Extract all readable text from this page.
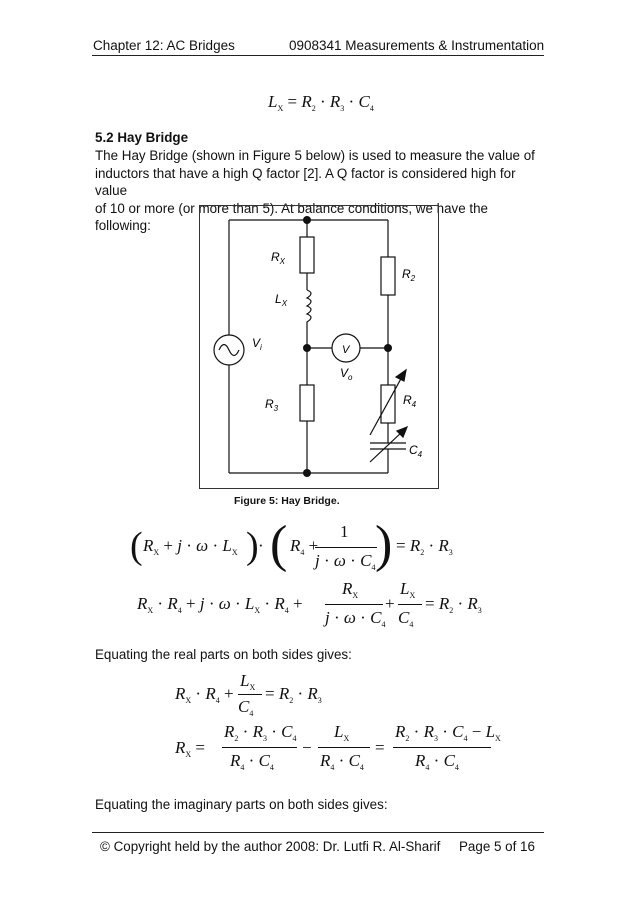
Chapter 12: AC Bridges	0908341 Measurements & Instrumentation
$L_X = R_2 \cdot R_3 \cdot C_4$
5.2 Hay Bridge
The Hay Bridge (shown in Figure 5 below) is used to measure the value of
inductors that have a high Q factor [2]. A Q factor is considered high for value
of 10 or more (or more than 5). At balance conditions, we have the following:
$R_X$
$L_X$
$R_2$
$V_i$	V
$V_o$
$R_3$
$R_4$
$C_4$
Figure 5: Hay Bridge.
( $R_X + j \cdot \omega \cdot L_X$ ) · ( $R_4$ +
1
$j \cdot \omega \cdot C_4$ ) = $R_2 \cdot R_3$
$R_X \cdot R_4 + j \cdot \omega \cdot L_X \cdot R_4$ +
$R_X$
$j \cdot \omega \cdot C_4$
+
$L_X$
$C_4$
= $R_2 \cdot R_3$
Equating the real parts on both sides gives:
$R_X \cdot R_4$ +
$L_X$
$C_4$
= $R_2 \cdot R_3$
$R_X$ =
$R_2 \cdot R_3 \cdot C_4$
$R_4 \cdot C_4$
−
$L_X$
$R_4 \cdot C_4$
=
$R_2 \cdot R_3 \cdot C_4 - L_X$
$R_4 \cdot C_4$
Equating the imaginary parts on both sides gives:
© Copyright held by the author 2008: Dr. Lutfi R. Al-Sharif Page 5 of 16
